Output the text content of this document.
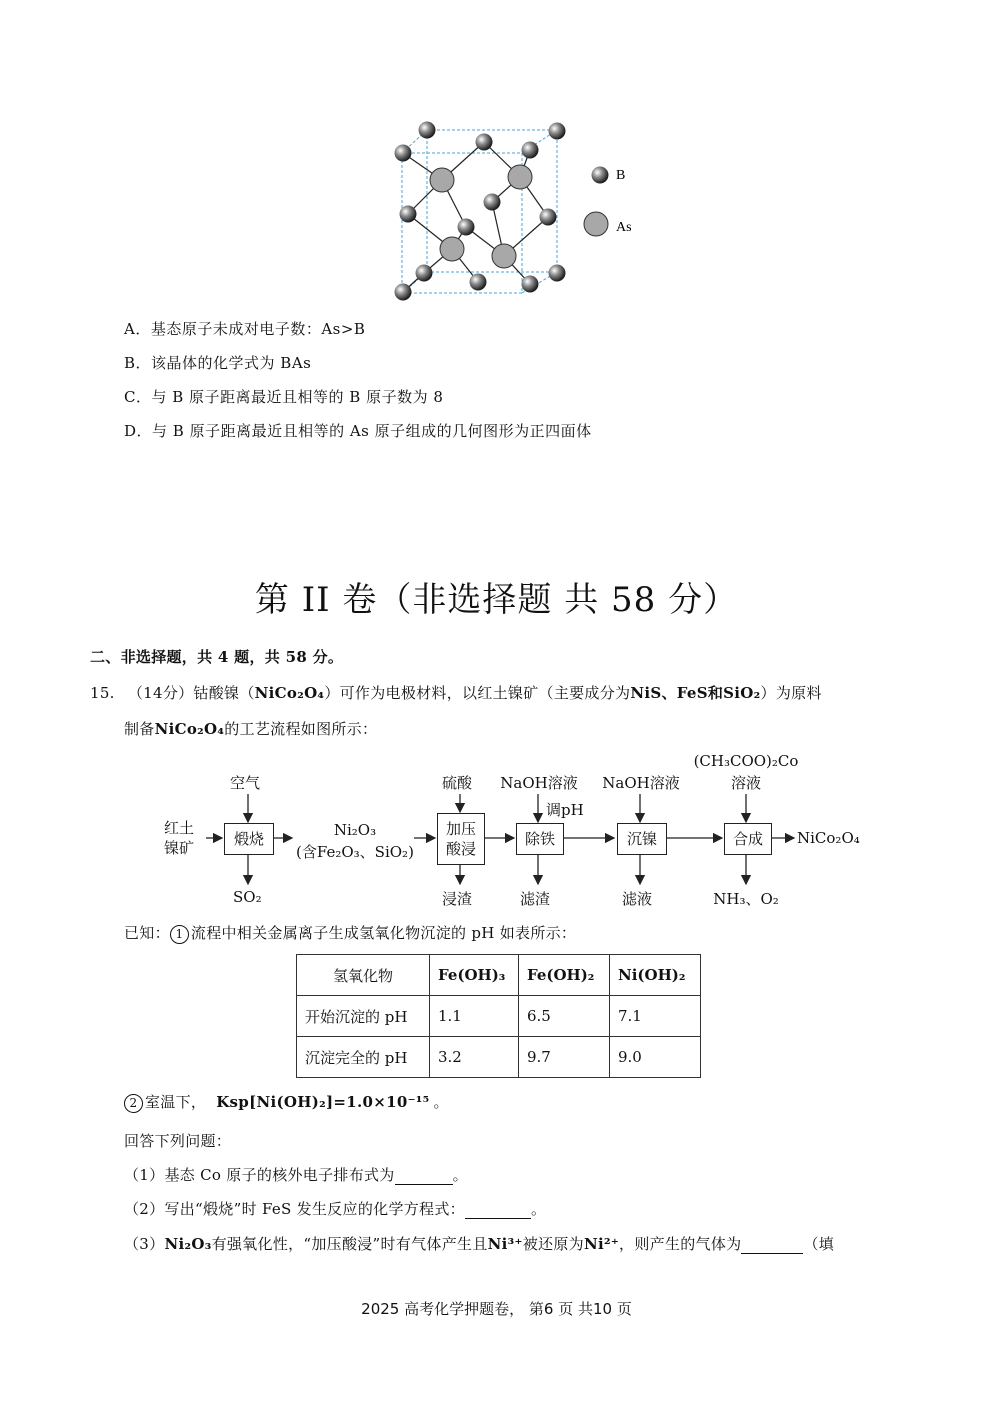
B
As
A．基态原子未成对电子数：As>B
B．该晶体的化学式为 BAs
C．与 B 原子距离最近且相等的 B 原子数为 8
D．与 B 原子距离最近且相等的 As 原子组成的几何图形为正四面体
第 II 卷（非选择题 共 58 分）
二、非选择题，共 4 题，共 58 分。
15. （14分）钴酸镍（NiCo₂O₄）可作为电极材料，以红土镍矿（主要成分为NiS、FeS和SiO₂）为原料
制备NiCo₂O₄的工艺流程如图所示：
红土
镍矿
空气
煅烧
SO₂
Ni₂O₃
(含Fe₂O₃、SiO₂)
硫酸
加压
酸浸
浸渣
NaOH溶液
调pH
除铁
滤渣
NaOH溶液
沉镍
滤液
(CH₃COO)₂Co
溶液
合成	NiCo₂O₄
NH₃、O₂
已知： 1 流程中相关金属离子生成氢氧化物沉淀的 pH 如表所示：
氢氧化物	Fe(OH)₃	Fe(OH)₂	Ni(OH)₂
开始沉淀的 pH	1.1	6.5	7.1
沉淀完全的 pH	3.2	9.7	9.0
2 室温下， Ksp[Ni(OH)₂]=1.0×10⁻¹⁵ 。
回答下列问题：
（1）基态 Co 原子的核外电子排布式为	。
（2）写出“煅烧”时 FeS 发生反应的化学方程式：	。
（3）Ni₂O₃有强氧化性，“加压酸浸”时有气体产生且Ni³⁺被还原为Ni²⁺，则产生的气体为	（填
2025 高考化学押题卷， 第6 页 共10 页
